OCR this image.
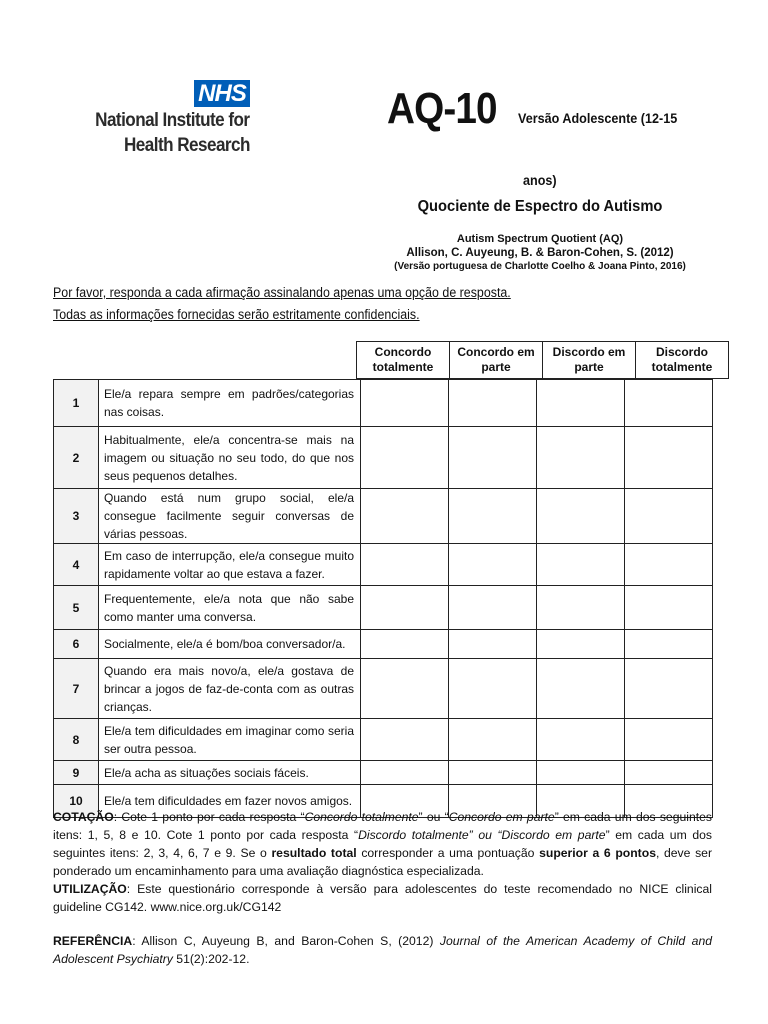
NHS
National Institute for
Health Research
AQ-10 Versão Adolescente (12-15
anos)
Quociente de Espectro do Autismo
Autism Spectrum Quotient (AQ)
Allison, C. Auyeung, B. & Baron-Cohen, S. (2012)
(Versão portuguesa de Charlotte Coelho & Joana Pinto, 2016)
Por favor, responda a cada afirmação assinalando apenas uma opção de resposta.
Todas as informações fornecidas serão estritamente confidenciais.
Concordo totalmente	Concordo em parte	Discordo em parte	Discordo totalmente
1	Ele/a repara sempre em padrões/categorias nas coisas.				
2	Habitualmente, ele/a concentra-se mais na imagem ou situação no seu todo, do que nos seus pequenos detalhes.				
3	Quando está num grupo social, ele/a consegue facilmente seguir conversas de várias pessoas.				
4	Em caso de interrupção, ele/a consegue muito rapidamente voltar ao que estava a fazer.				
5	Frequentemente, ele/a nota que não sabe como manter uma conversa.				
6	Socialmente, ele/a é bom/boa conversador/a.				
7	Quando era mais novo/a, ele/a gostava de brincar a jogos de faz-de-conta com as outras crianças.				
8	Ele/a tem dificuldades em imaginar como seria ser outra pessoa.				
9	Ele/a acha as situações sociais fáceis.				
10	Ele/a tem dificuldades em fazer novos amigos.				
COTAÇÃO: Cote 1 ponto por cada resposta “Concordo totalmente” ou “Concordo em parte” em cada um dos seguintes itens: 1, 5, 8 e 10. Cote 1 ponto por cada resposta “Discordo totalmente” ou “Discordo em parte” em cada um dos seguintes itens: 2, 3, 4, 6, 7 e 9. Se o resultado total corresponder a uma pontuação superior a 6 pontos, deve ser ponderado um encaminhamento para uma avaliação diagnóstica especializada.
UTILIZAÇÃO: Este questionário corresponde à versão para adolescentes do teste recomendado no NICE clinical guideline CG142. www.nice.org.uk/CG142
REFERÊNCIA: Allison C, Auyeung B, and Baron-Cohen S, (2012) Journal of the American Academy of Child and Adolescent Psychiatry 51(2):202-12.
